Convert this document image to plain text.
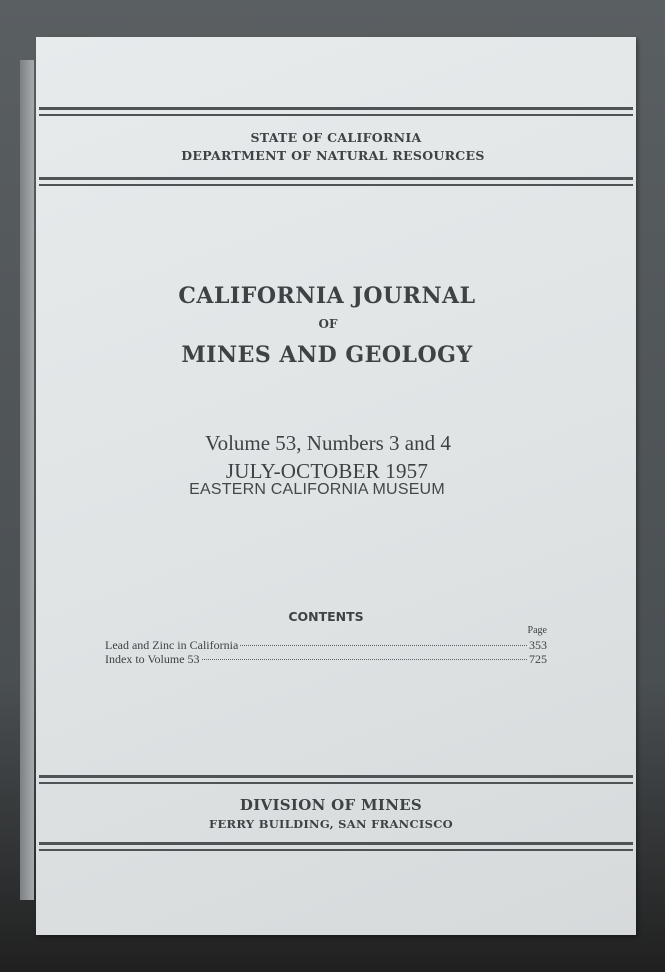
STATE OF CALIFORNIA
DEPARTMENT OF NATURAL RESOURCES
CALIFORNIA JOURNAL
OF
MINES AND GEOLOGY
Volume 53, Numbers 3 and 4
JULY-OCTOBER 1957
EASTERN CALIFORNIA MUSEUM
CONTENTS
Page
Lead and Zinc in California	353
Index to Volume 53	725
DIVISION OF MINES
FERRY BUILDING, SAN FRANCISCO
